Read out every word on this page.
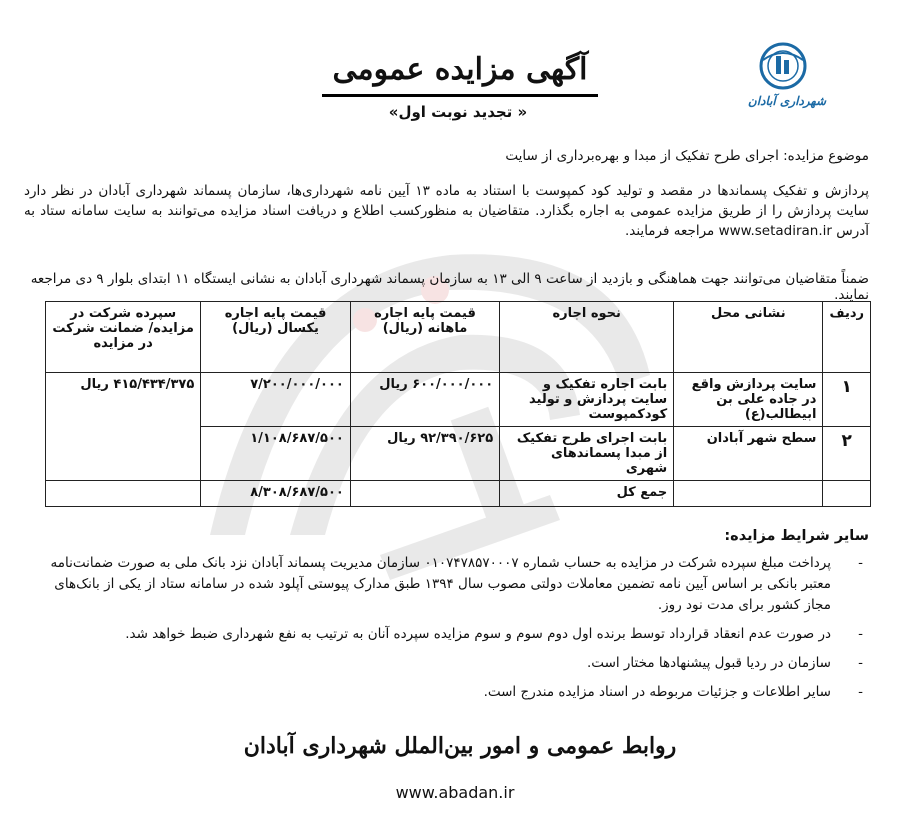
شهرداری آبادان
آگهی مزایده عمومی
« تجدید نوبت اول»
موضوع مزایده: اجرای طرح تفکیک از مبدا و بهره‌برداری از سایت
پردازش و تفکیک پسماندها در مقصد و تولید کود کمپوست با استناد به ماده ۱۳ آیین نامه شهرداری‌ها، سازمان پسماند شهرداری آبادان در نظر دارد سایت پردازش را از طریق مزایده عمومی به اجاره بگذارد. متقاضیان به منظورکسب اطلاع و دریافت اسناد مزایده می‌توانند به سایت سامانه ستاد به آدرس www.setadiran.ir مراجعه فرمایند.
ضمناً متقاضیان می‌توانند جهت هماهنگی و بازدید از ساعت ۹ الی ۱۳ به سازمان پسماند شهرداری آبادان به نشانی ایستگاه ۱۱ ابتدای بلوار ۹ دی مراجعه نمایند.
ردیف	نشانی محل	نحوه اجاره	قیمت پایه اجاره ماهانه (ریال)	قیمت پایه اجاره یکسال (ریال)	سپرده شرکت در مزایده/ ضمانت شرکت در مزایده
۱	سایت پردازش واقع در جاده علی بن ابیطالب(ع)	بابت اجاره تفکیک و سایت پردازش و تولید کودکمپوست	۶۰۰/۰۰۰/۰۰۰ ریال	۷/۲۰۰/۰۰۰/۰۰۰	۴۱۵/۴۳۴/۳۷۵ ریال
۲	سطح شهر آبادان	بابت اجرای طرح تفکیک از مبدا پسماندهای شهری	۹۲/۳۹۰/۶۲۵ ریال	۱/۱۰۸/۶۸۷/۵۰۰	
		جمع کل		۸/۳۰۸/۶۸۷/۵۰۰	
سایر شرایط مزایده:
-
پرداخت مبلغ سپرده شرکت در مزایده به حساب شماره ۰۱۰۷۴۷۸۵۷۰۰۰۷ سازمان مدیریت پسماند آبادان نزد بانک ملی به صورت ضمانت‌نامه معتبر بانکی بر اساس آیین نامه تضمین معاملات دولتی مصوب سال ۱۳۹۴ طبق مدارک پیوستی آپلود شده در سامانه ستاد از یکی از بانک‌های مجاز کشور برای مدت نود روز.
-
در صورت عدم انعقاد قرارداد توسط برنده اول دوم سوم و سوم مزایده سپرده آنان به ترتیب به نفع شهرداری ضبط خواهد شد.
-
سازمان در ردیا قبول پیشنهادها مختار است.
-
سایر اطلاعات و جزئیات مربوطه در اسناد مزایده مندرج است.
روابط عمومی و امور بین‌الملل شهرداری آبادان
www.abadan.ir
